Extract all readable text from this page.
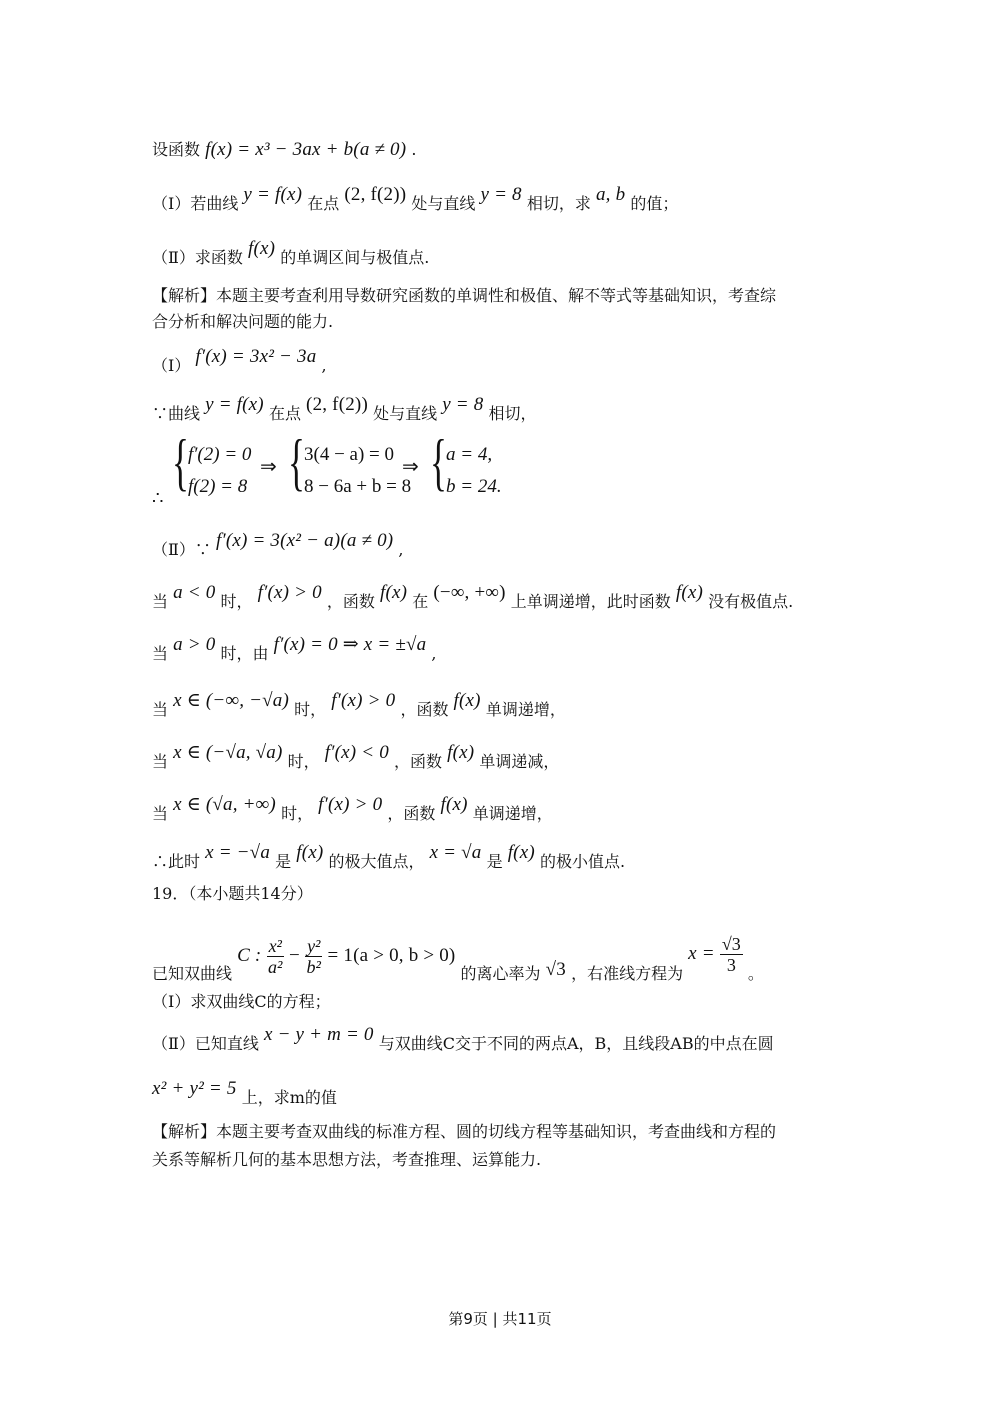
设函数 f(x) = x³ − 3ax + b(a ≠ 0) .
（Ⅰ）若曲线 y = f(x) 在点 (2, f(2)) 处与直线 y = 8 相切，求 a, b 的值；
（Ⅱ）求函数 f(x) 的单调区间与极值点.
【解析】本题主要考查利用导数研究函数的单调性和极值、解不等式等基础知识，考查综
合分析和解决问题的能力.
（Ⅰ） f′(x) = 3x² − 3a ,
∵曲线 y = f(x) 在点 (2, f(2)) 处与直线 y = 8 相切，
∴
{ f′(2) = 0
f(2) = 8
⇒ { 3(4 − a) = 0
8 − 6a + b = 8
⇒ { a = 4,
b = 24.
（Ⅱ）∵ f′(x) = 3(x² − a)(a ≠ 0) ,
当 a < 0 时， f′(x) > 0 ，函数 f(x) 在 (−∞, +∞) 上单调递增，此时函数 f(x) 没有极值点.
当 a > 0 时，由 f′(x) = 0 ⇒ x = ±√a ,
当 x ∈ (−∞, −√a) 时， f′(x) > 0 ，函数 f(x) 单调递增，
当 x ∈ (−√a, √a) 时， f′(x) < 0 ，函数 f(x) 单调递减，
当 x ∈ (√a, +∞) 时， f′(x) > 0 ，函数 f(x) 单调递增，
∴此时 x = −√a 是 f(x) 的极大值点， x = √a 是 f(x) 的极小值点.
19．（本小题共14分）
已知双曲线 C : $\frac{\text{x²}}{\text{a²}} - \frac{\text{y²}}{\text{b²}} = 1(a > 0$, b > 0) 的离心率为 √3 ，右准线方程为 $x = \frac{√3}{3}$ 。
（Ⅰ）求双曲线C的方程；
（Ⅱ）已知直线 x − y + m = 0 与双曲线C交于不同的两点A，B，且线段AB的中点在圆
x² + y² = 5 上，求m的值
【解析】本题主要考查双曲线的标准方程、圆的切线方程等基础知识，考查曲线和方程的
关系等解析几何的基本思想方法，考查推理、运算能力.
第9页 | 共11页
